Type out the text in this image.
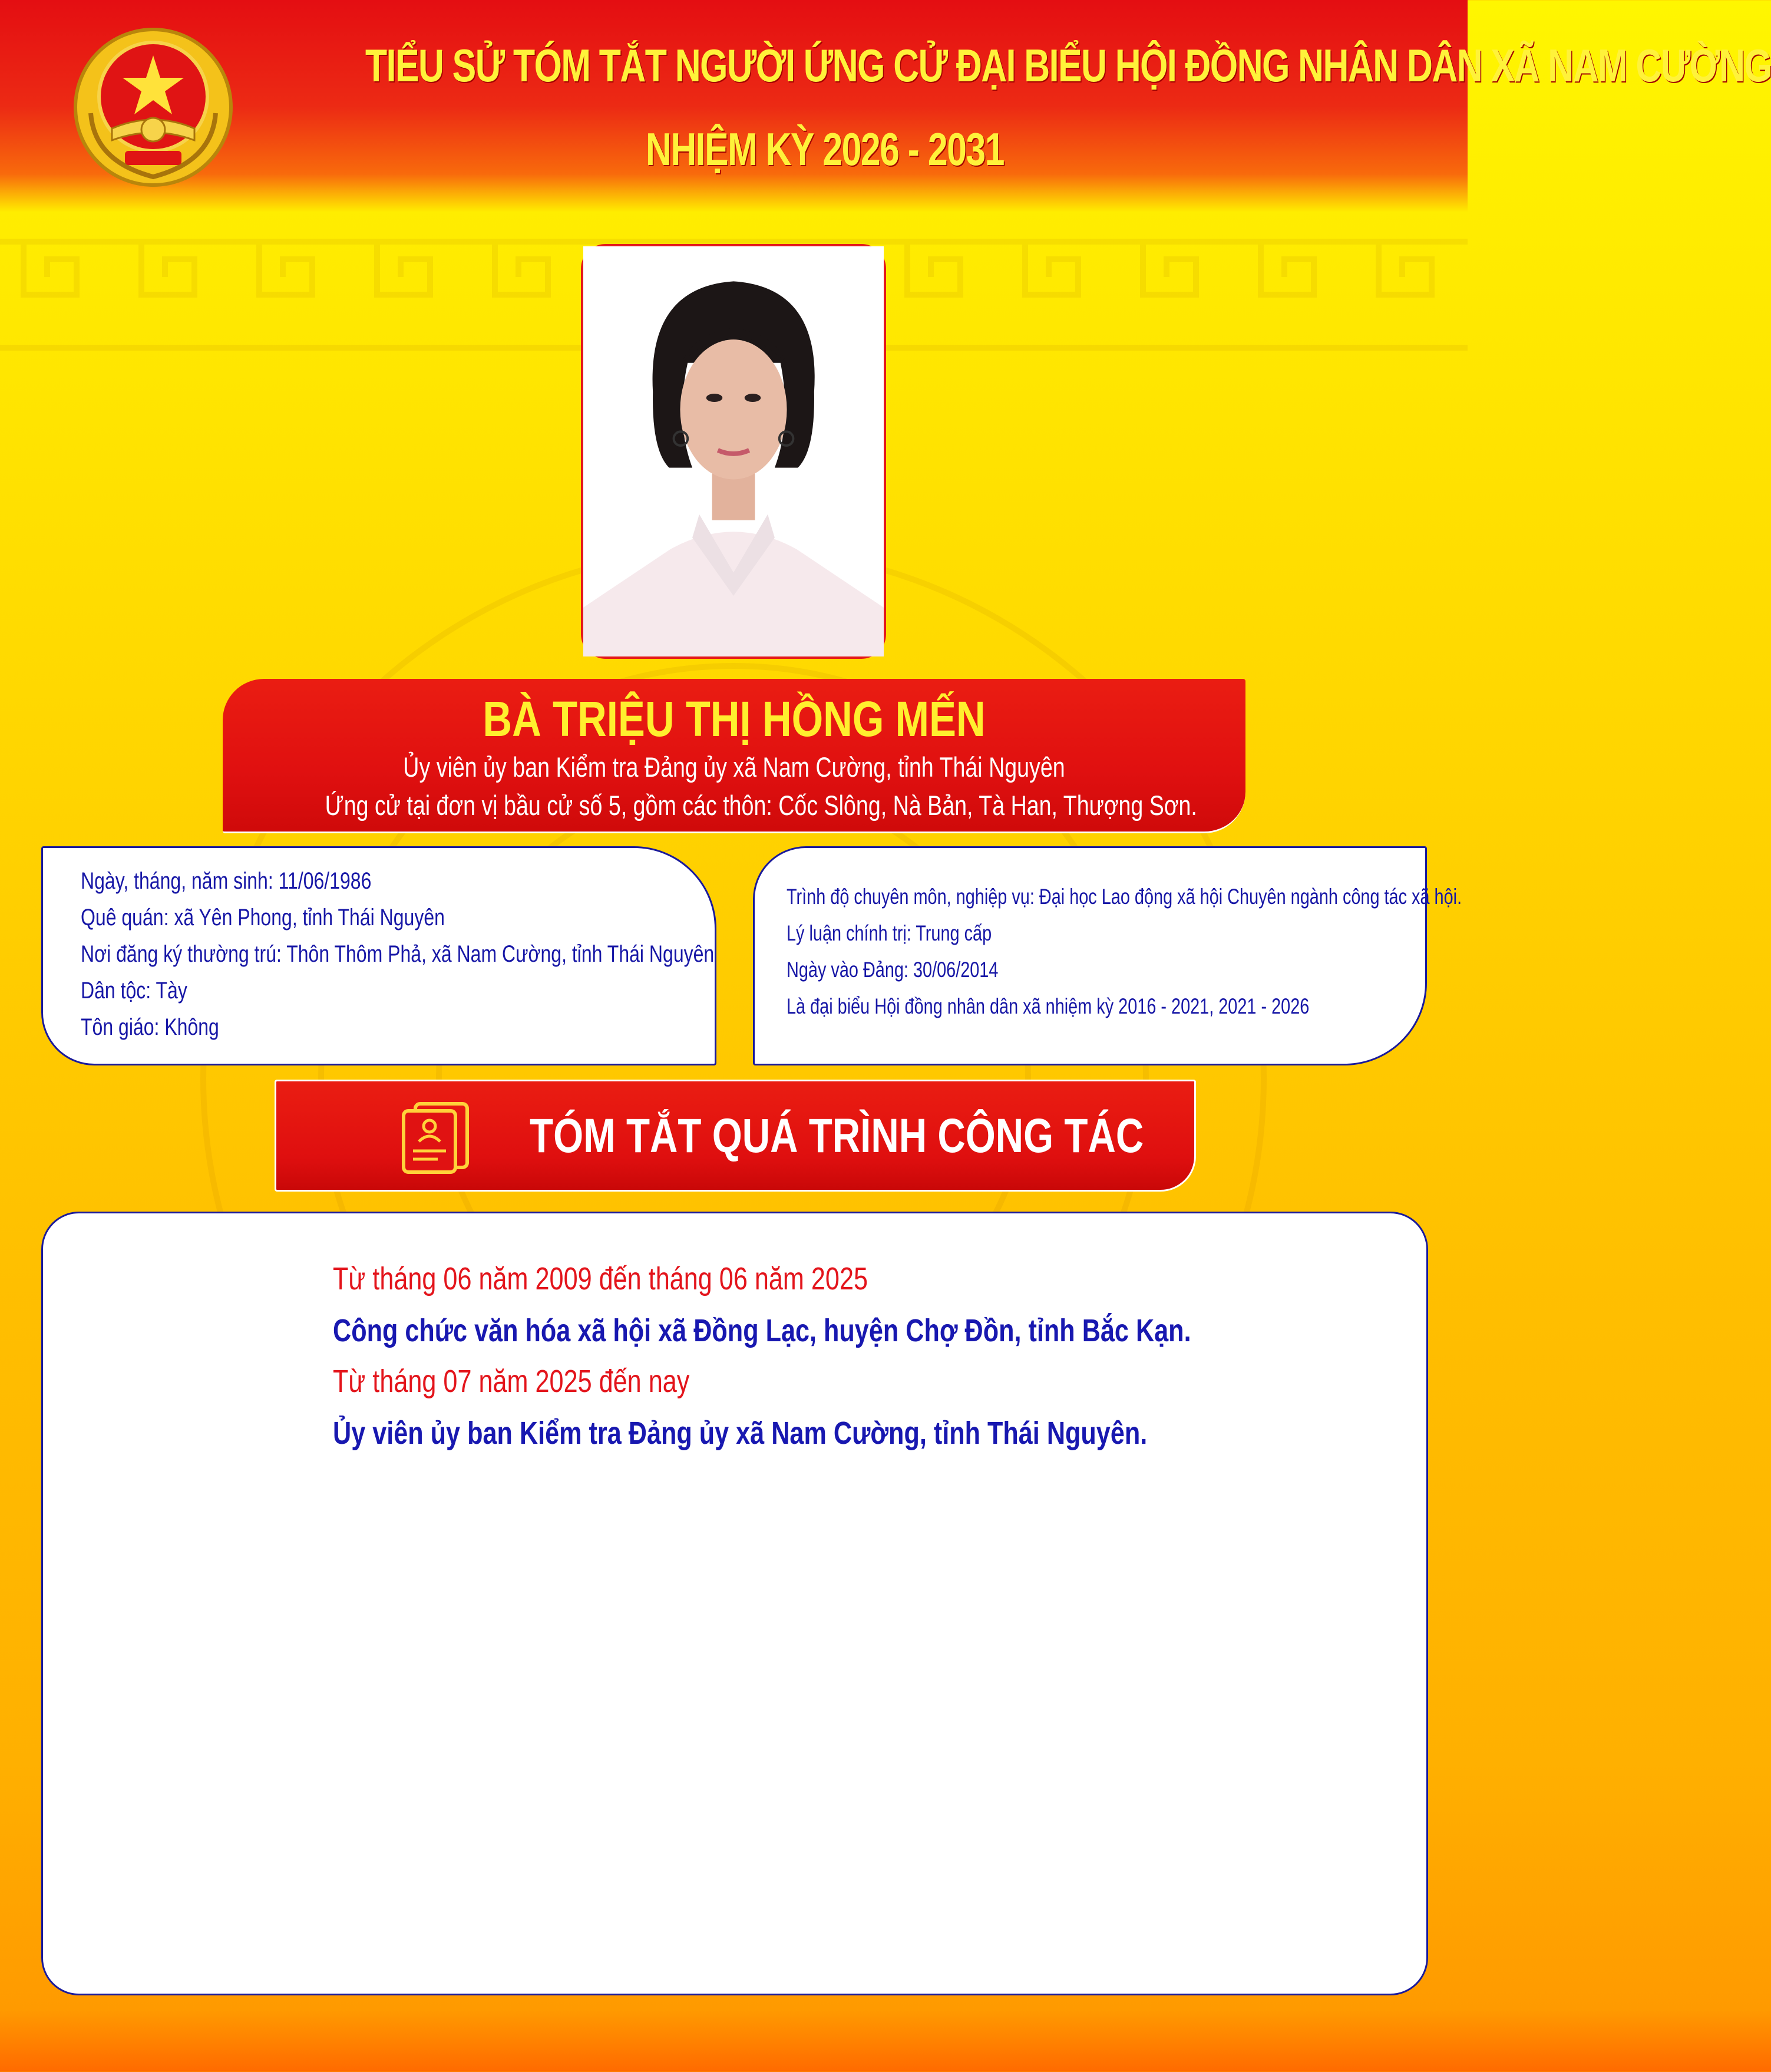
TIỂU SỬ TÓM TẮT NGƯỜI ỨNG CỬ ĐẠI BIỂU HỘI ĐỒNG NHÂN DÂN XÃ NAM CƯỜNG
NHIỆM KỲ 2026 - 2031
BÀ TRIỆU THỊ HỒNG MẾN
Ủy viên ủy ban Kiểm tra Đảng ủy xã Nam Cường, tỉnh Thái Nguyên
Ứng cử tại đơn vị bầu cử số 5, gồm các thôn: Cốc Slông, Nà Bản, Tà Han, Thượng Sơn.
Ngày, tháng, năm sinh: 11/06/1986
Quê quán: xã Yên Phong, tỉnh Thái Nguyên
Nơi đăng ký thường trú: Thôn Thôm Phả, xã Nam Cường, tỉnh Thái Nguyên
Dân tộc: Tày
Tôn giáo: Không
Trình độ chuyên môn, nghiệp vụ: Đại học Lao động xã hội Chuyên ngành công tác xã hội.
Lý luận chính trị: Trung cấp
Ngày vào Đảng: 30/06/2014
Là đại biểu Hội đồng nhân dân xã nhiệm kỳ 2016 - 2021, 2021 - 2026
TÓM TẮT QUÁ TRÌNH CÔNG TÁC
Từ tháng 06 năm 2009 đến tháng 06 năm 2025
Công chức văn hóa xã hội xã Đồng Lạc, huyện Chợ Đồn, tỉnh Bắc Kạn.
Từ tháng 07 năm 2025 đến nay
Ủy viên ủy ban Kiểm tra Đảng ủy xã Nam Cường, tỉnh Thái Nguyên.
